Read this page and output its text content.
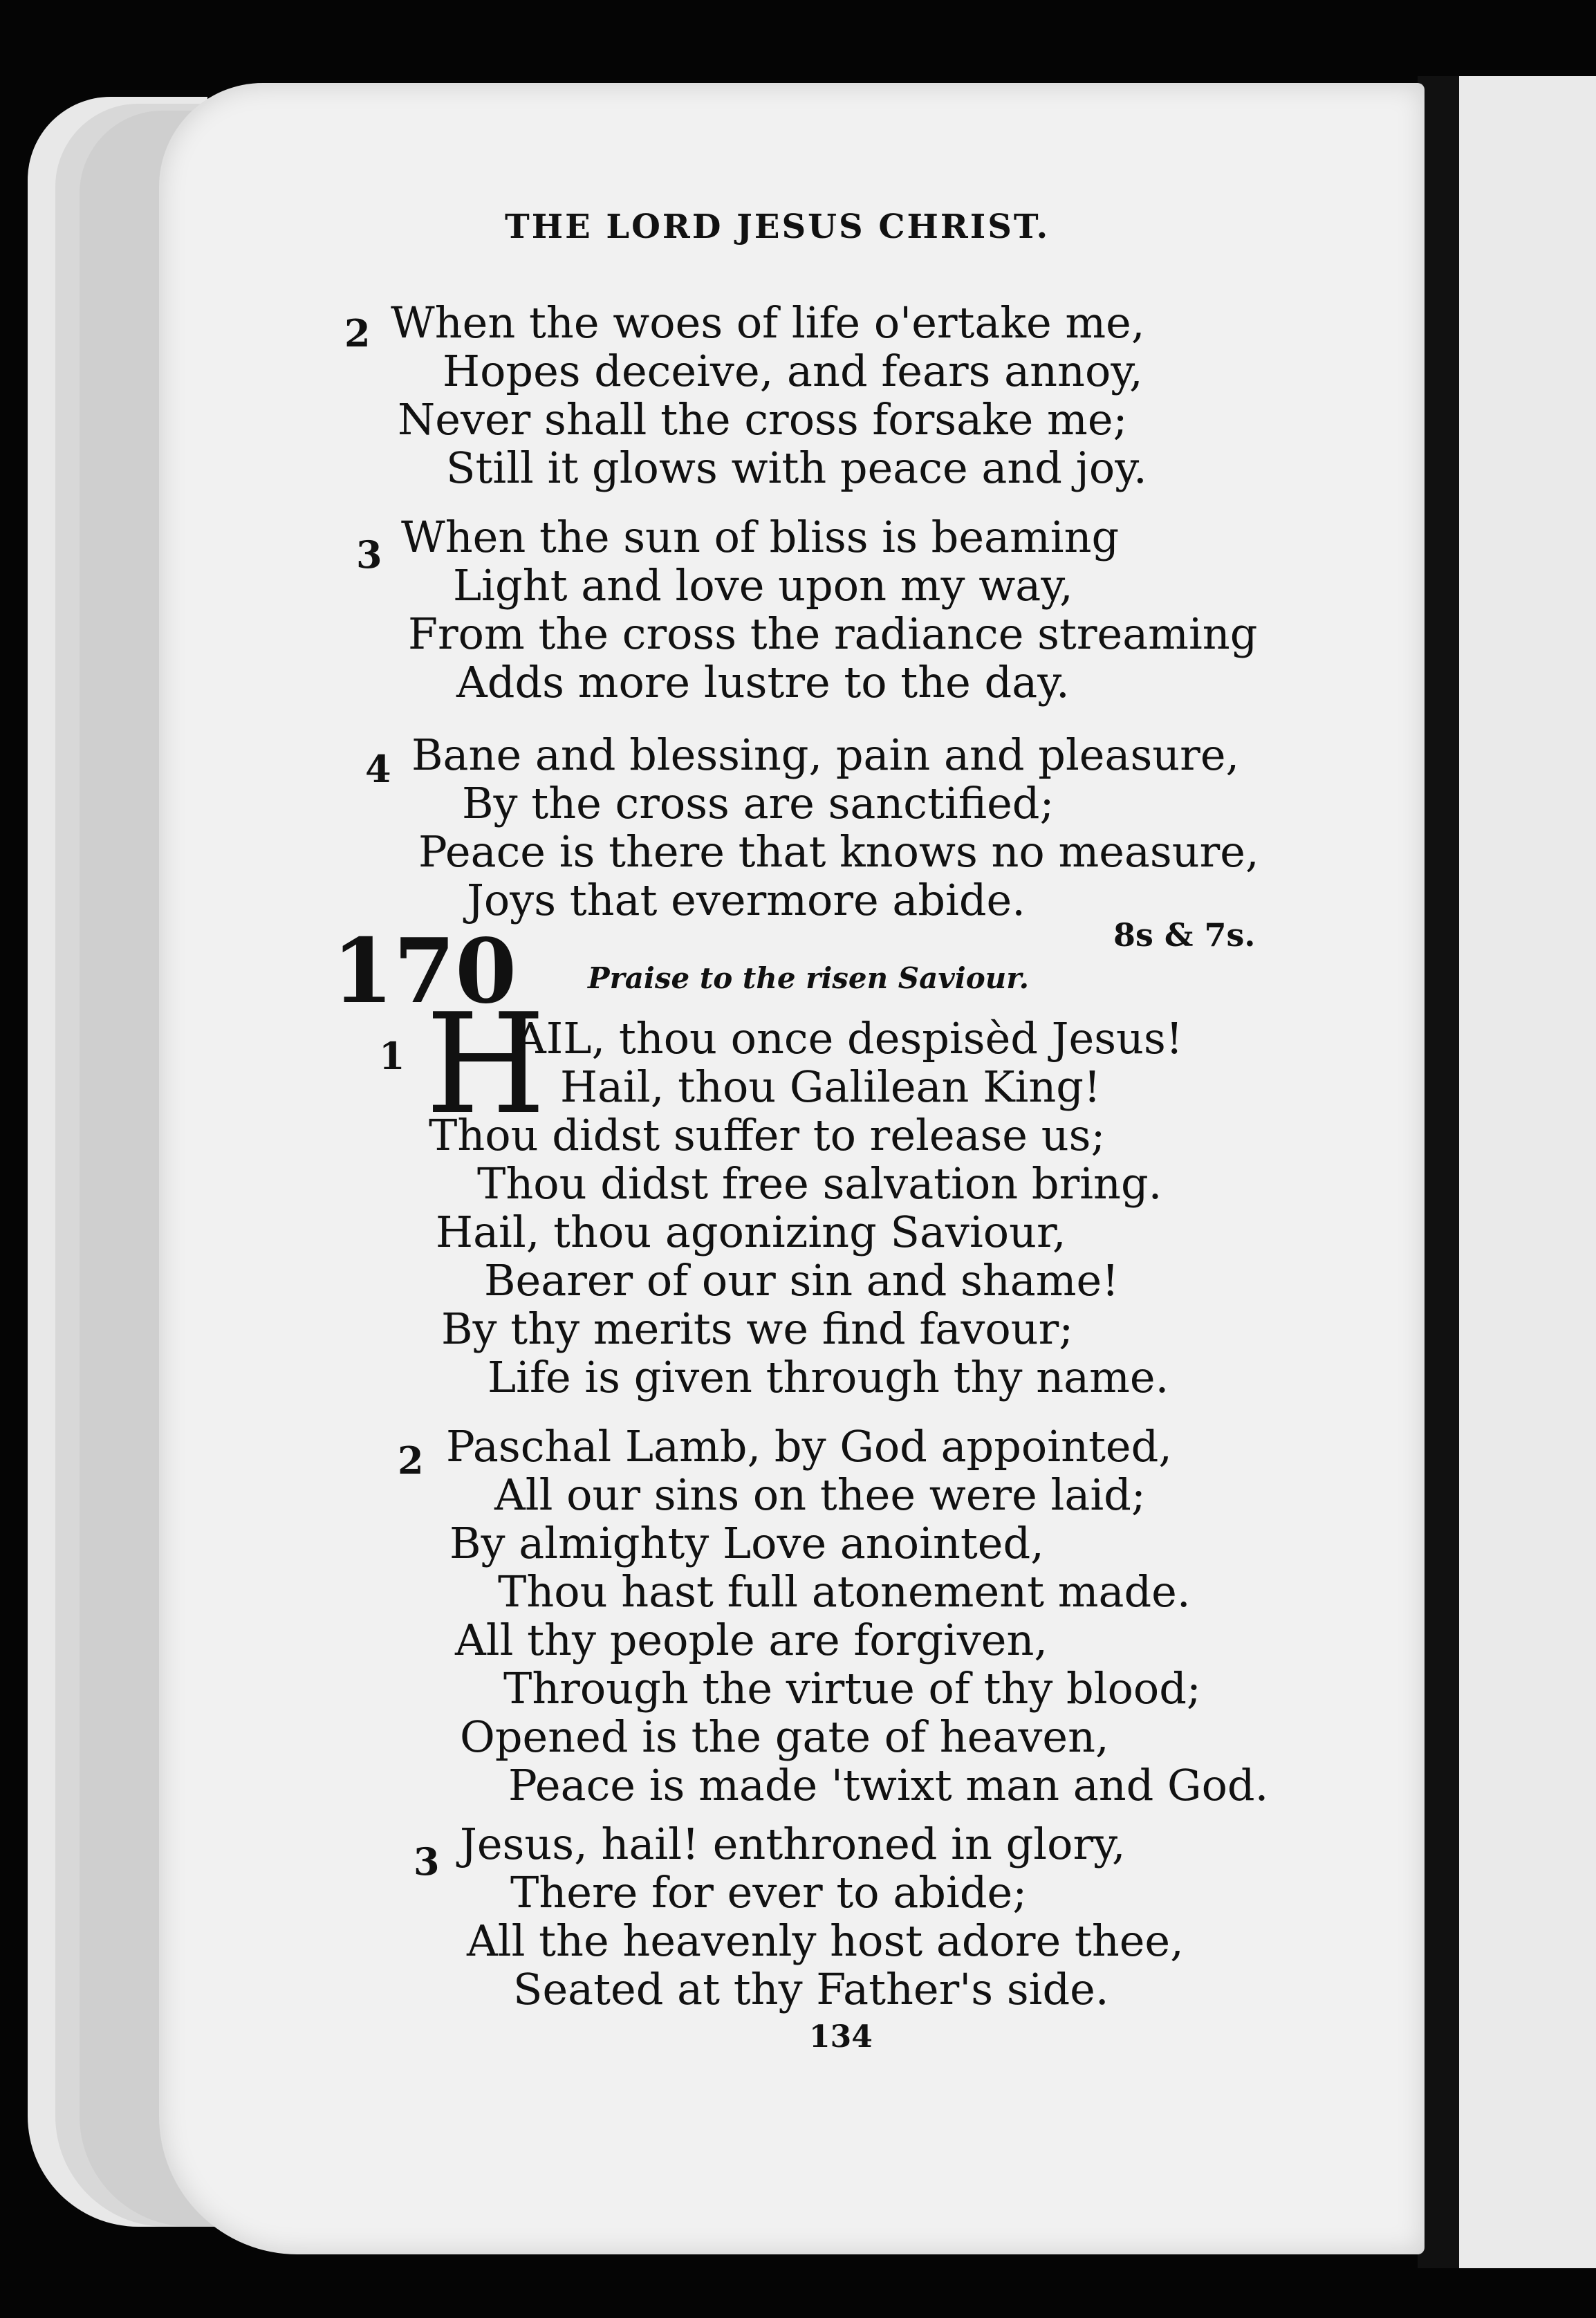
THE LORD JESUS CHRIST.
2 When the woes of life o'ertake me,
Hopes deceive, and fears annoy,
Never shall the cross forsake me;
Still it glows with peace and joy.
3 When the sun of bliss is beaming
Light and love upon my way,
From the cross the radiance streaming
Adds more lustre to the day.
4 Bane and blessing, pain and pleasure,
By the cross are sanctified;
Peace is there that knows no measure,
Joys that evermore abide.
8s & 7s.
170 Praise to the risen Saviour.
1 H
AIL, thou once despisèd Jesus!
Hail, thou Galilean King!
Thou didst suffer to release us;
Thou didst free salvation bring.
Hail, thou agonizing Saviour,
Bearer of our sin and shame!
By thy merits we find favour;
Life is given through thy name.
2 Paschal Lamb, by God appointed,
All our sins on thee were laid;
By almighty Love anointed,
Thou hast full atonement made.
All thy people are forgiven,
Through the virtue of thy blood;
Opened is the gate of heaven,
Peace is made 'twixt man and God.
3 Jesus, hail! enthroned in glory,
There for ever to abide;
All the heavenly host adore thee,
Seated at thy Father's side.
134
